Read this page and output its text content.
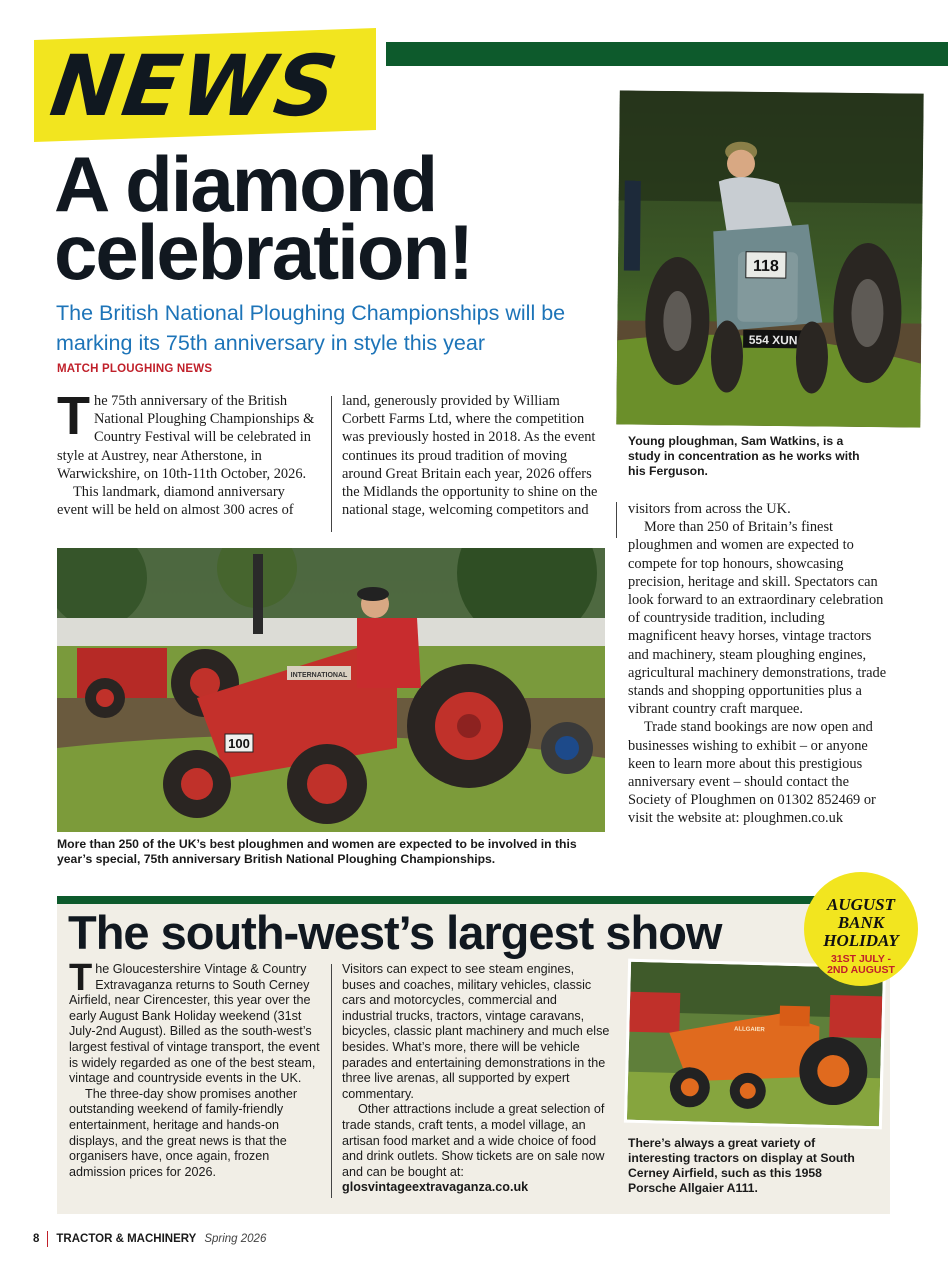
NEWS
A diamond
celebration!
The British National Ploughing Championships will be marking its 75th anniversary in style this year
MATCH PLOUGHING NEWS
118
554 XUN
Young ploughman, Sam Watkins, is a study in concentration as he works with his Ferguson.

The 75th anniversary of the British National Ploughing Championships & Country Festival will be celebrated in style at Austrey, near Atherstone, in Warwickshire, on 10th-11th October, 2026.

This landmark, diamond anniversary event will be held on almost 300 acres of

land, generously provided by William Corbett Farms Ltd, where the competition was previously hosted in 2018. As the event continues its proud tradition of moving around Great Britain each year, 2026 offers the Midlands the opportunity to shine on the national stage, welcoming competitors and

INTERNATIONAL
100
More than 250 of the UK’s best ploughmen and women are expected to be involved in this year’s special, 75th anniversary British National Ploughing Championships.

visitors from across the UK.

More than 250 of Britain’s finest ploughmen and women are expected to compete for top honours, showcasing precision, heritage and skill. Spectators can look forward to an extraordinary celebration of countryside tradition, including magnificent heavy horses, vintage tractors and machinery, steam ploughing engines, agricultural machinery demonstrations, trade stands and shopping opportunities plus a vibrant country craft marquee.

Trade stand bookings are now open and businesses wishing to exhibit – or anyone keen to learn more about this prestigious anniversary event – should contact the Society of Ploughmen on 01302 852469 or visit the website at: ploughmen.co.uk

The south-west’s largest show

The Gloucestershire Vintage & Country Extravaganza returns to South Cerney Airfield, near Cirencester, this year over the early August Bank Holiday weekend (31st July-2nd August). Billed as the south-west’s largest festival of vintage transport, the event is widely regarded as one of the best steam, vintage and countryside events in the UK.

The three-day show promises another outstanding weekend of family-friendly entertainment, heritage and hands-on displays, and the great news is that the organisers have, once again, frozen admission prices for 2026.

Visitors can expect to see steam engines, buses and coaches, military vehicles, classic cars and motorcycles, commercial and industrial trucks, tractors, vintage caravans, bicycles, classic plant machinery and much else besides. What’s more, there will be vehicle parades and entertaining demonstrations in the three live arenas, all supported by expert commentary.

Other attractions include a great selection of trade stands, craft tents, a model village, an artisan food market and a wide choice of food and drink outlets. Show tickets are on sale now and can be bought at: glosvintageextravaganza.co.uk

ALLGAIER
There’s always a great variety of interesting tractors on display at South Cerney Airfield, such as this 1958 Porsche Allgaier A111.
AUGUST
BANK
HOLIDAY
31ST JULY -
2ND AUGUST
8 TRACTOR & MACHINERY Spring 2026
